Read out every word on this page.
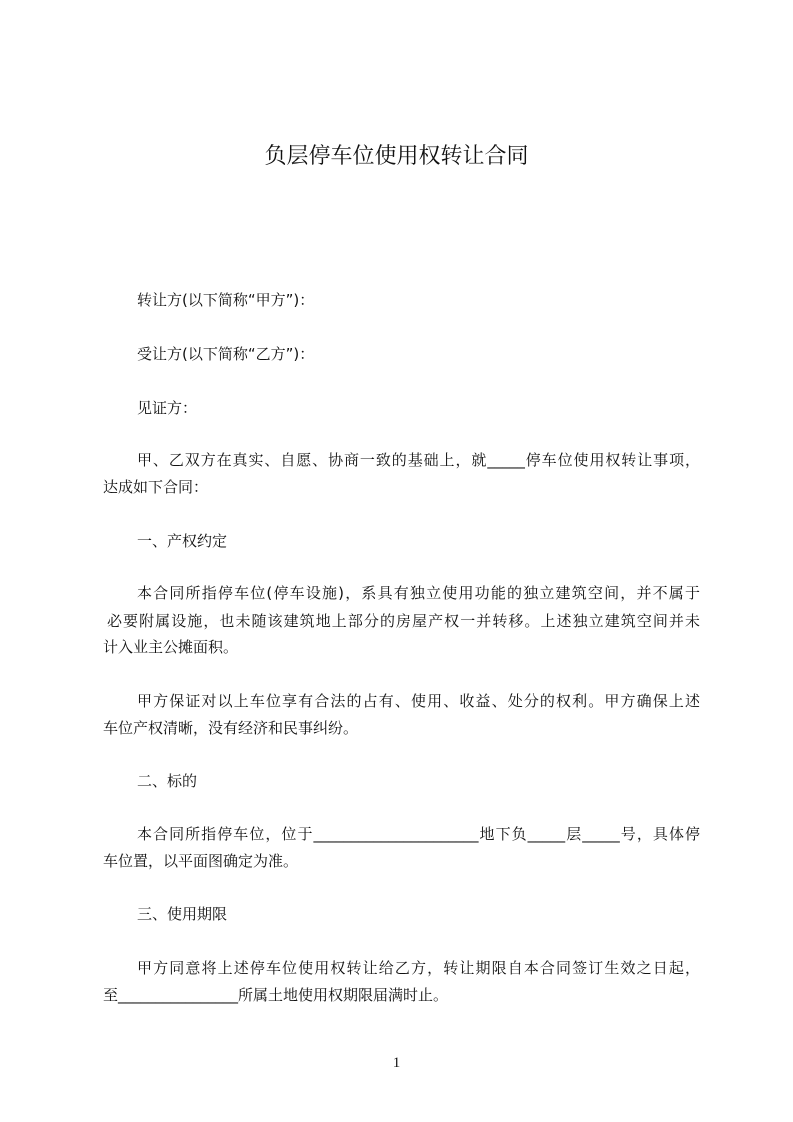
负层停车位使用权转让合同
转让方(以下简称“甲方”)：
受让方(以下简称“乙方”)：
见证方：
甲、乙双方在真实、自愿、协商一致的基础上，就_____停车位使用权转让事项，
达成如下合同：
一、产权约定
本合同所指停车位(停车设施)，系具有独立使用功能的独立建筑空间，并不属于
必要附属设施，也未随该建筑地上部分的房屋产权一并转移。上述独立建筑空间并未
计入业主公摊面积。
甲方保证对以上车位享有合法的占有、使用、收益、处分的权利。甲方确保上述
车位产权清晰，没有经济和民事纠纷。
二、标的
本合同所指停车位，位于______________________地下负_____层_____号，具体停
车位置，以平面图确定为准。
三、使用期限
甲方同意将上述停车位使用权转让给乙方，转让期限自本合同签订生效之日起，
至________________所属土地使用权期限届满时止。
1
